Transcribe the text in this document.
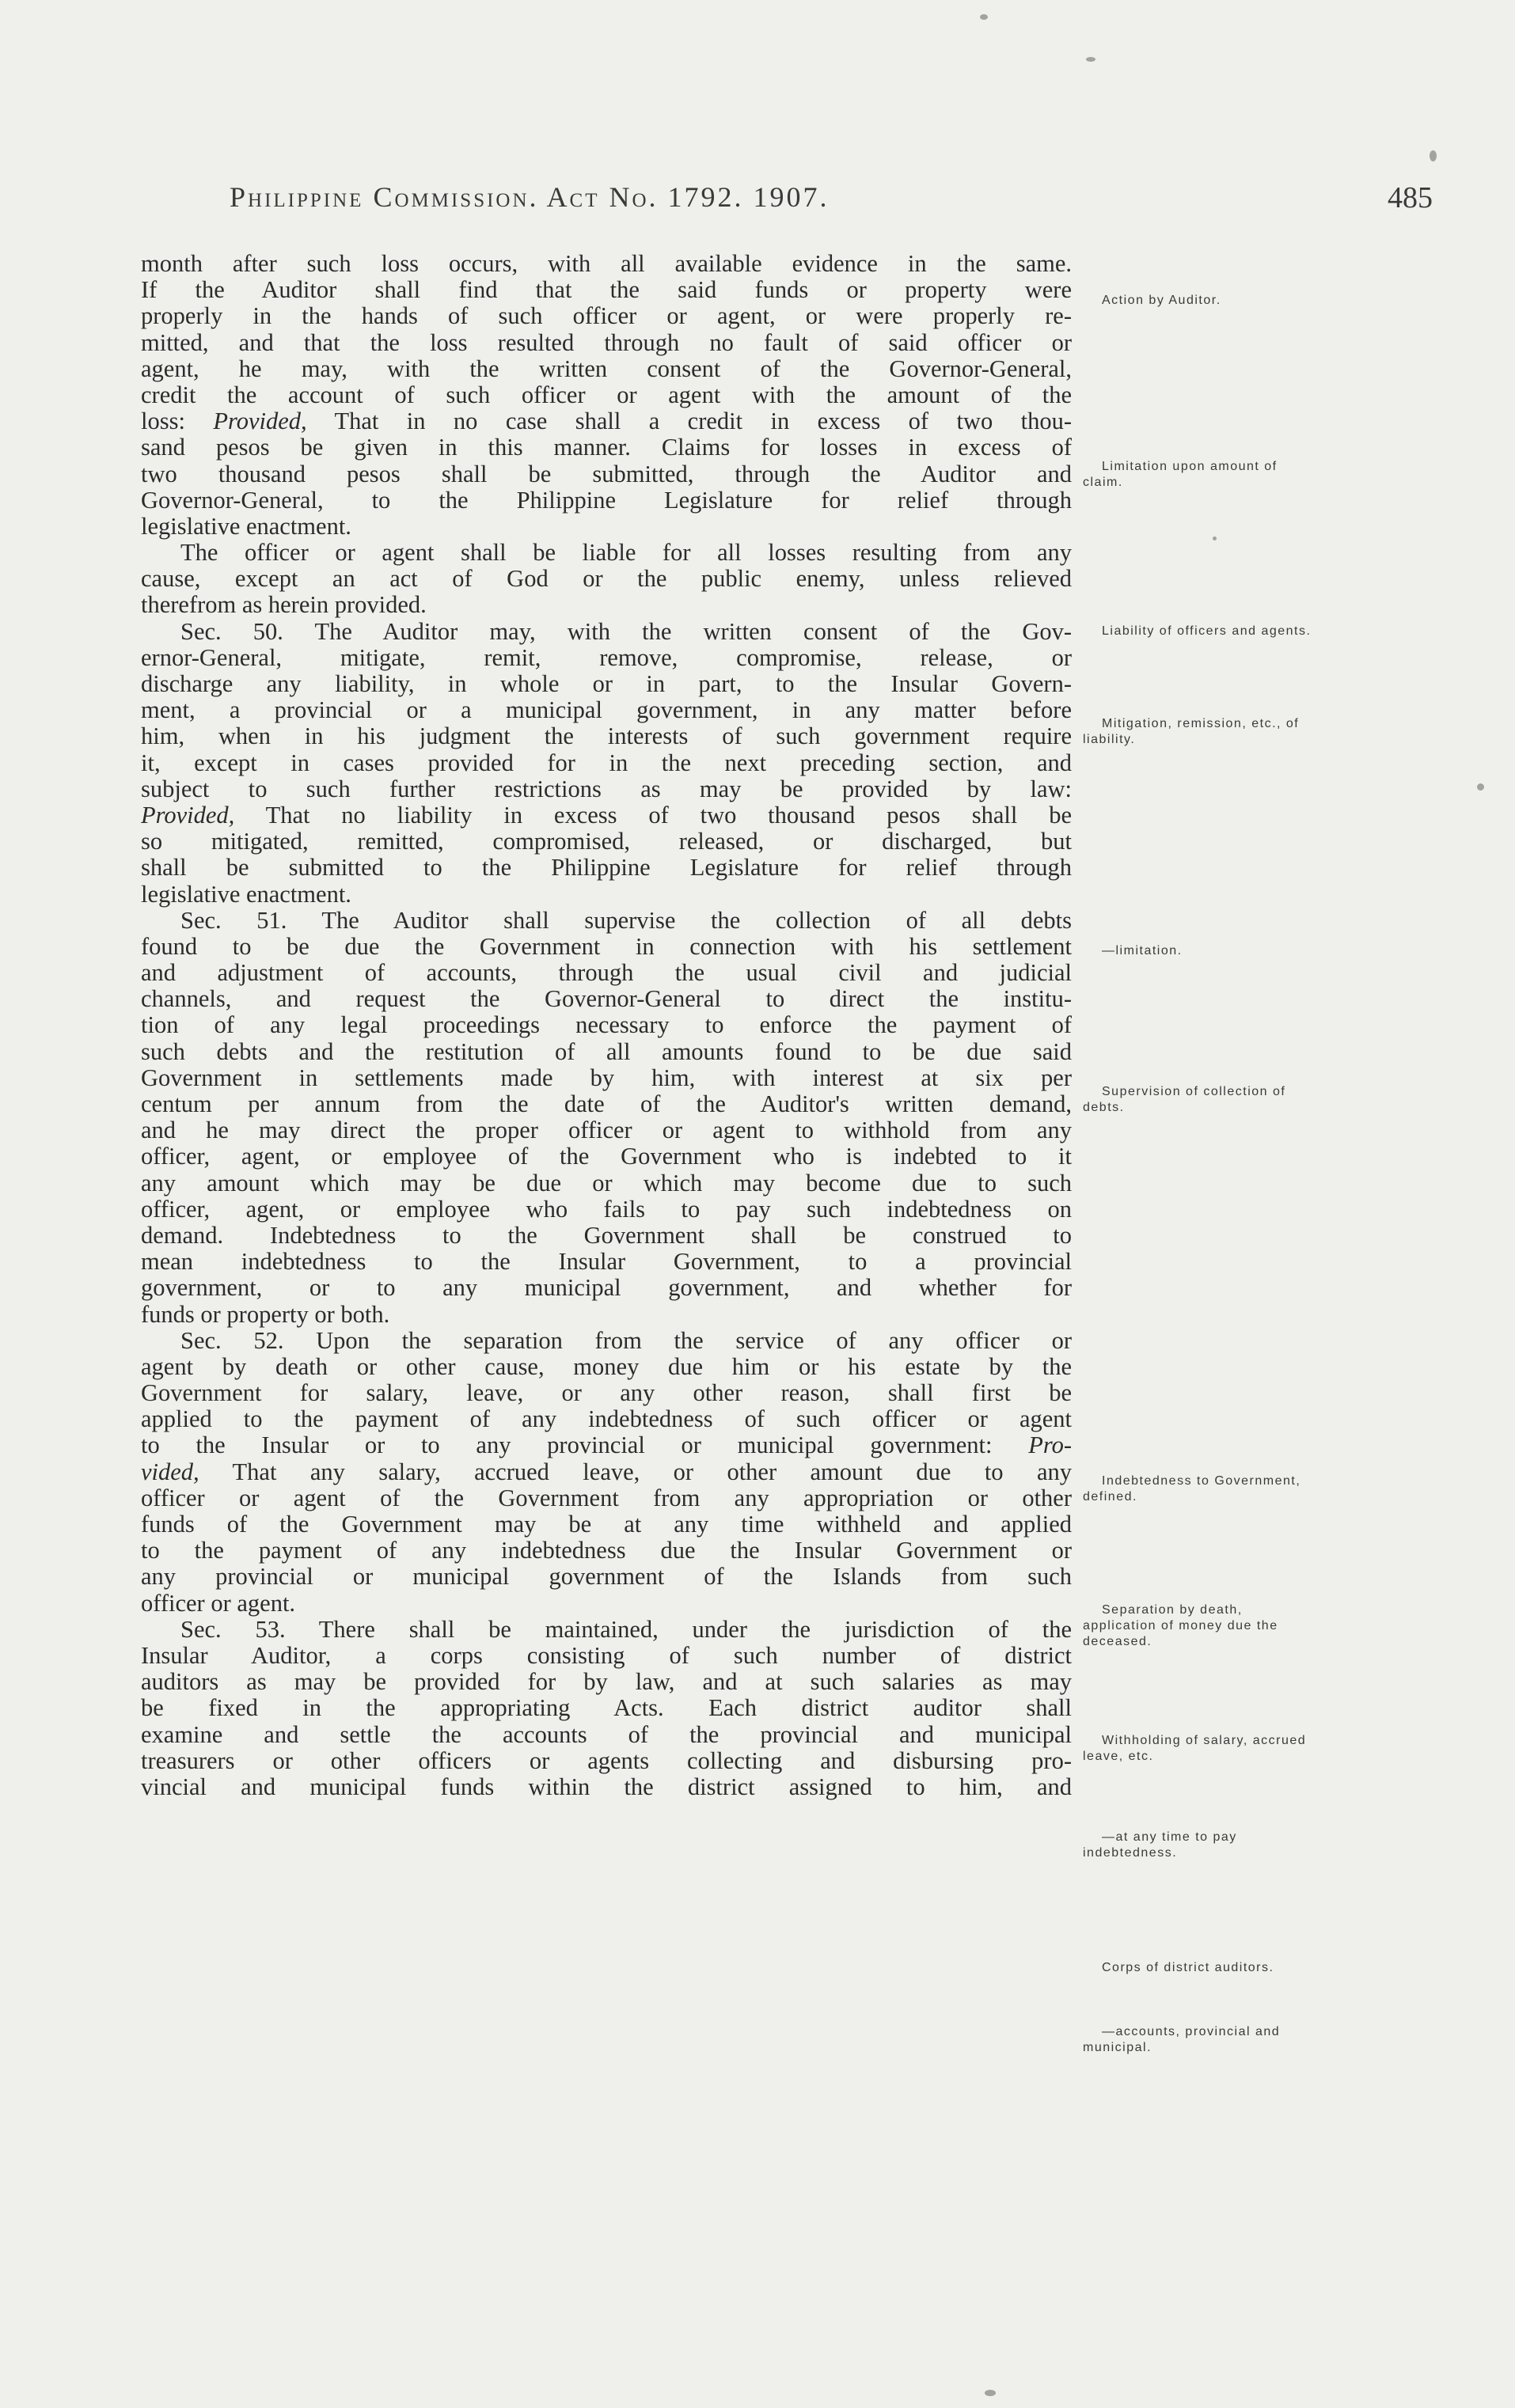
Philippine Commission. Act No. 1792. 1907.	485
month after such loss occurs, with all available evidence in the same.
If the Auditor shall find that the said funds or property were
properly in the hands of such officer or agent, or were properly re-
mitted, and that the loss resulted through no fault of said officer or
agent, he may, with the written consent of the Governor-General,
credit the account of such officer or agent with the amount of the
loss: Provided, That in no case shall a credit in excess of two thou-
sand pesos be given in this manner. Claims for losses in excess of
two thousand pesos shall be submitted, through the Auditor and
Governor-General, to the Philippine Legislature for relief through
legislative enactment.
The officer or agent shall be liable for all losses resulting from any
cause, except an act of God or the public enemy, unless relieved
therefrom as herein provided.
Sec. 50. The Auditor may, with the written consent of the Gov-
ernor-General, mitigate, remit, remove, compromise, release, or
discharge any liability, in whole or in part, to the Insular Govern-
ment, a provincial or a municipal government, in any matter before
him, when in his judgment the interests of such government require
it, except in cases provided for in the next preceding section, and
subject to such further restrictions as may be provided by law:
Provided, That no liability in excess of two thousand pesos shall be
so mitigated, remitted, compromised, released, or discharged, but
shall be submitted to the Philippine Legislature for relief through
legislative enactment.
Sec. 51. The Auditor shall supervise the collection of all debts
found to be due the Government in connection with his settlement
and adjustment of accounts, through the usual civil and judicial
channels, and request the Governor-General to direct the institu-
tion of any legal proceedings necessary to enforce the payment of
such debts and the restitution of all amounts found to be due said
Government in settlements made by him, with interest at six per
centum per annum from the date of the Auditor's written demand,
and he may direct the proper officer or agent to withhold from any
officer, agent, or employee of the Government who is indebted to it
any amount which may be due or which may become due to such
officer, agent, or employee who fails to pay such indebtedness on
demand. Indebtedness to the Government shall be construed to
mean indebtedness to the Insular Government, to a provincial
government, or to any municipal government, and whether for
funds or property or both.
Sec. 52. Upon the separation from the service of any officer or
agent by death or other cause, money due him or his estate by the
Government for salary, leave, or any other reason, shall first be
applied to the payment of any indebtedness of such officer or agent
to the Insular or to any provincial or municipal government: Pro-
vided, That any salary, accrued leave, or other amount due to any
officer or agent of the Government from any appropriation or other
funds of the Government may be at any time withheld and applied
to the payment of any indebtedness due the Insular Government or
any provincial or municipal government of the Islands from such
officer or agent.
Sec. 53. There shall be maintained, under the jurisdiction of the
Insular Auditor, a corps consisting of such number of district
auditors as may be provided for by law, and at such salaries as may
be fixed in the appropriating Acts. Each district auditor shall
examine and settle the accounts of the provincial and municipal
treasurers or other officers or agents collecting and disbursing pro-
vincial and municipal funds within the district assigned to him, and
Action by Auditor.
Limitation upon amount of claim.
Liability of officers and agents.
Mitigation, remission, etc., of liability.
—limitation.
Supervision of collection of debts.
Indebtedness to Government, defined.
Separation by death, application of money due the deceased.
Withholding of salary, accrued leave, etc.
—at any time to pay indebtedness.
Corps of district auditors.
—accounts, provincial and municipal.
